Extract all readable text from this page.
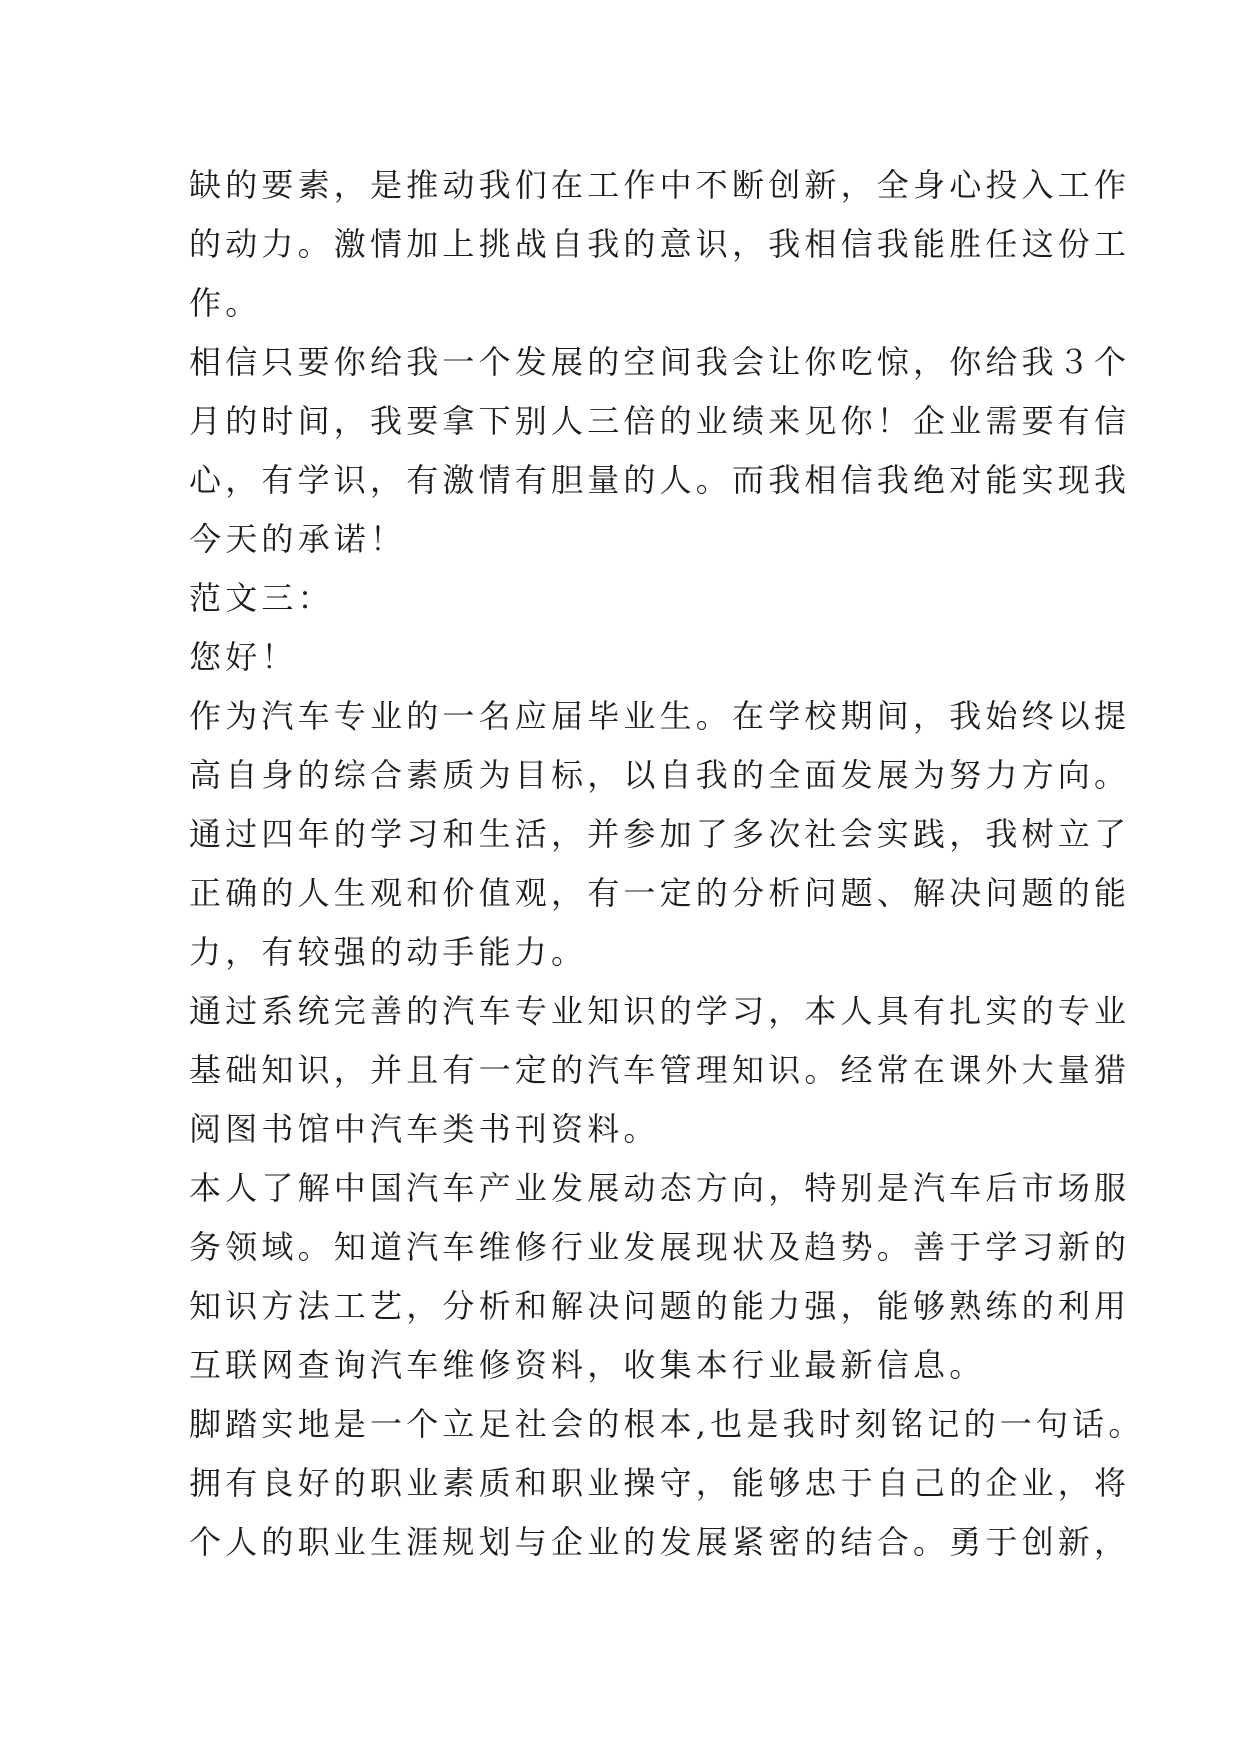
缺的要素，是推动我们在工作中不断创新，全身心投入工作
的动力。激情加上挑战自我的意识，我相信我能胜任这份工
作。
相信只要你给我一个发展的空间我会让你吃惊，你给我３个
月的时间，我要拿下别人三倍的业绩来见你！企业需要有信
心，有学识，有激情有胆量的人。而我相信我绝对能实现我
今天的承诺！
范文三：
您好！
作为汽车专业的一名应届毕业生。在学校期间，我始终以提
高自身的综合素质为目标，以自我的全面发展为努力方向。
通过四年的学习和生活，并参加了多次社会实践，我树立了
正确的人生观和价值观，有一定的分析问题、解决问题的能
力，有较强的动手能力。
通过系统完善的汽车专业知识的学习，本人具有扎实的专业
基础知识，并且有一定的汽车管理知识。经常在课外大量猎
阅图书馆中汽车类书刊资料。
本人了解中国汽车产业发展动态方向，特别是汽车后市场服
务领域。知道汽车维修行业发展现状及趋势。善于学习新的
知识方法工艺，分析和解决问题的能力强，能够熟练的利用
互联网查询汽车维修资料，收集本行业最新信息。
脚踏实地是一个立足社会的根本,也是我时刻铭记的一句话。
拥有良好的职业素质和职业操守，能够忠于自己的企业，将
个人的职业生涯规划与企业的发展紧密的结合。勇于创新，
